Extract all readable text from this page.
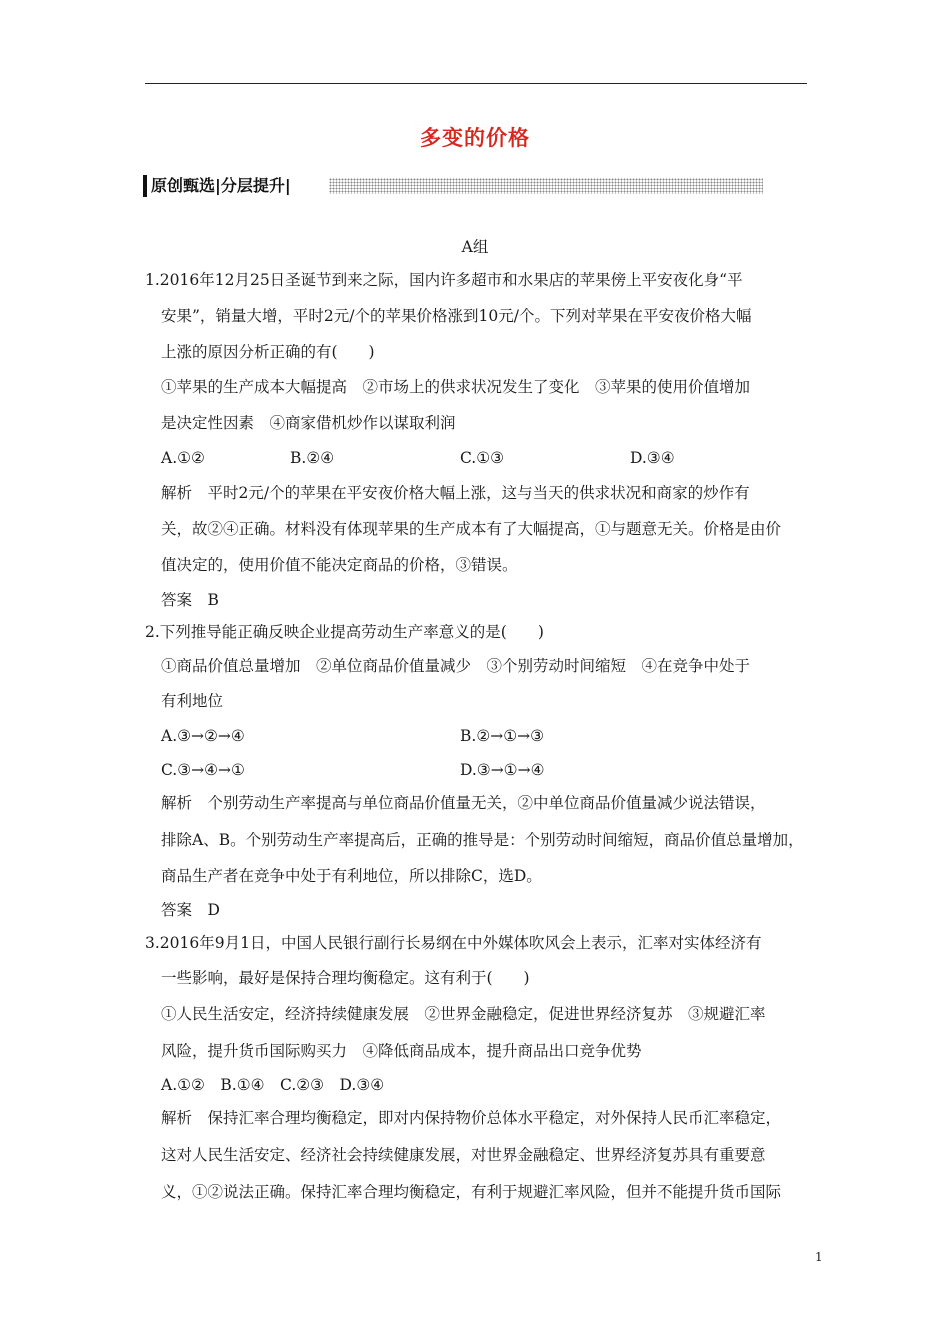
多变的价格
原创甄选|分层提升|
A组
1.2016年12月25日圣诞节到来之际，国内许多超市和水果店的苹果傍上平安夜化身“平
安果”，销量大增，平时2元/个的苹果价格涨到10元/个。下列对苹果在平安夜价格大幅
上涨的原因分析正确的有(　　)
①苹果的生产成本大幅提高　②市场上的供求状况发生了变化　③苹果的使用价值增加
是决定性因素　④商家借机炒作以谋取利润
A.①②	B.②④	C.①③	D.③④
解析　平时2元/个的苹果在平安夜价格大幅上涨，这与当天的供求状况和商家的炒作有
关，故②④正确。材料没有体现苹果的生产成本有了大幅提高，①与题意无关。价格是由价
值决定的，使用价值不能决定商品的价格，③错误。
答案　B
2.下列推导能正确反映企业提高劳动生产率意义的是(　　)
①商品价值总量增加　②单位商品价值量减少　③个别劳动时间缩短　④在竞争中处于
有利地位
A.③→②→④	B.②→①→③
C.③→④→①	D.③→①→④
解析　个别劳动生产率提高与单位商品价值量无关，②中单位商品价值量减少说法错误，
排除A、B。个别劳动生产率提高后，正确的推导是：个别劳动时间缩短，商品价值总量增加，
商品生产者在竞争中处于有利地位，所以排除C，选D。
答案　D
3.2016年9月1日，中国人民银行副行长易纲在中外媒体吹风会上表示，汇率对实体经济有
一些影响，最好是保持合理均衡稳定。这有利于(　　)
①人民生活安定，经济持续健康发展　②世界金融稳定，促进世界经济复苏　③规避汇率
风险，提升货币国际购买力　④降低商品成本，提升商品出口竞争优势
A.①②　B.①④　C.②③　D.③④
解析　保持汇率合理均衡稳定，即对内保持物价总体水平稳定，对外保持人民币汇率稳定，
这对人民生活安定、经济社会持续健康发展，对世界金融稳定、世界经济复苏具有重要意
义，①②说法正确。保持汇率合理均衡稳定，有利于规避汇率风险，但并不能提升货币国际
1
